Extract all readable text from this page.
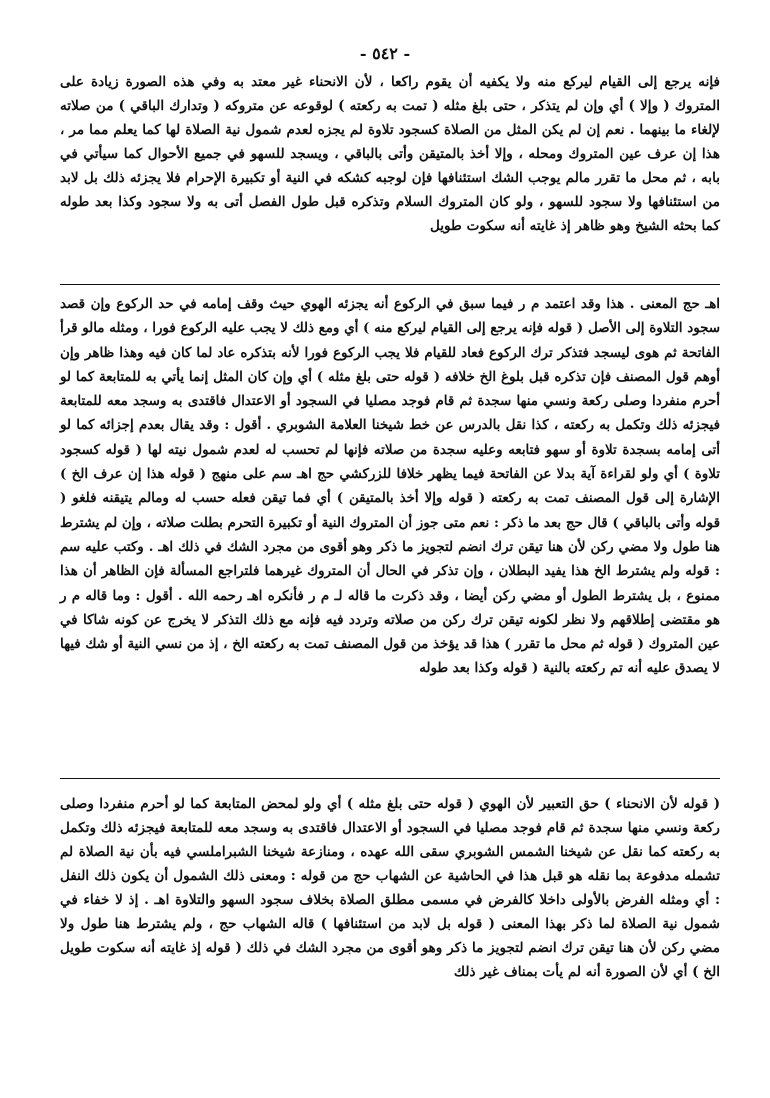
- ٥٤٢ -
فإنه يرجع إلى القيام ليركع منه ولا يكفيه أن يقوم راكعا ، لأن الانحناء غير معتد به وفي هذه الصورة زيادة على المتروك ( وإلا ) أي وإن لم يتذكر ، حتى بلغ مثله ( تمت به ركعته ) لوقوعه عن متروكه ( وتدارك الباقي ) من صلاته لإلغاء ما بينهما . نعم إن لم يكن المثل من الصلاة كسجود تلاوة لم يجزه لعدم شمول نية الصلاة لها كما يعلم مما مر ، هذا إن عرف عين المتروك ومحله ، وإلا أخذ بالمتيقن وأتى بالباقي ، ويسجد للسهو في جميع الأحوال كما سيأتي في بابه ، ثم محل ما تقرر مالم يوجب الشك استئنافها فإن لوجبه كشكه في النية أو تكبيرة الإحرام فلا يجزئه ذلك بل لابد من استئنافها ولا سجود للسهو ، ولو كان المتروك السلام وتذكره قبل طول الفصل أتى به ولا سجود وكذا بعد طوله كما بحثه الشيخ وهو ظاهر إذ غايته أنه سكوت طويل
اهـ حج المعنى . هذا وقد اعتمد م ر فيما سبق في الركوع أنه يجزئه الهوي حيث وقف إمامه في حد الركوع وإن قصد سجود التلاوة إلى الأصل ( قوله فإنه يرجع إلى القيام ليركع منه ) أي ومع ذلك لا يجب عليه الركوع فورا ، ومثله مالو قرأ الفاتحة ثم هوى ليسجد فتذكر ترك الركوع فعاد للقيام فلا يجب الركوع فورا لأنه بتذكره عاد لما كان فيه وهذا ظاهر وإن أوهم قول المصنف فإن تذكره قبل بلوغ الخ خلافه ( قوله حتى بلغ مثله ) أي وإن كان المثل إنما يأتي به للمتابعة كما لو أحرم منفردا وصلى ركعة ونسي منها سجدة ثم قام فوجد مصليا في السجود أو الاعتدال فاقتدى به وسجد معه للمتابعة فيجزئه ذلك وتكمل به ركعته ، كذا نقل بالدرس عن خط شيخنا العلامة الشوبري . أقول : وقد يقال بعدم إجزائه كما لو أتى إمامه بسجدة تلاوة أو سهو فتابعه وعليه سجدة من صلاته فإنها لم تحسب له لعدم شمول نيته لها ( قوله كسجود تلاوة ) أي ولو لقراءة آية بدلا عن الفاتحة فيما يظهر خلافا للزركشي حج اهـ سم على منهج ( قوله هذا إن عرف الخ ) الإشارة إلى قول المصنف تمت به ركعته ( قوله وإلا أخذ بالمتيقن ) أي فما تيقن فعله حسب له ومالم يتيقنه فلغو ( قوله وأتى بالباقي ) قال حج بعد ما ذكر : نعم متى جوز أن المتروك النية أو تكبيرة التحرم بطلت صلاته ، وإن لم يشترط هنا طول ولا مضي ركن لأن هنا تيقن ترك انضم لتجويز ما ذكر وهو أقوى من مجرد الشك في ذلك اهـ . وكتب عليه سم : قوله ولم يشترط الخ هذا يفيد البطلان ، وإن تذكر في الحال أن المتروك غيرهما فلتراجع المسألة فإن الظاهر أن هذا ممنوع ، بل يشترط الطول أو مضي ركن أيضا ، وقد ذكرت ما قاله لـ م ر فأنكره اهـ رحمه الله . أقول : وما قاله م ر هو مقتضى إطلاقهم ولا نظر لكونه تيقن ترك ركن من صلاته وتردد فيه فإنه مع ذلك التذكر لا يخرج عن كونه شاكا في عين المتروك ( قوله ثم محل ما تقرر ) هذا قد يؤخذ من قول المصنف تمت به ركعته الخ ، إذ من نسي النية أو شك فيها لا يصدق عليه أنه تم ركعته بالنية ( قوله وكذا بعد طوله
( قوله لأن الانحناء ) حق التعبير لأن الهوي ( قوله حتى بلغ مثله ) أي ولو لمحض المتابعة كما لو أحرم منفردا وصلى ركعة ونسي منها سجدة ثم قام فوجد مصليا في السجود أو الاعتدال فاقتدى به وسجد معه للمتابعة فيجزئه ذلك وتكمل به ركعته كما نقل عن شيخنا الشمس الشوبري سقى الله عهده ، ومنازعة شيخنا الشبراملسي فيه بأن نية الصلاة لم تشمله مدفوعة بما نقله هو قبل هذا في الحاشية عن الشهاب حج من قوله : ومعنى ذلك الشمول أن يكون ذلك النفل : أي ومثله الفرض بالأولى داخلا كالفرض في مسمى مطلق الصلاة بخلاف سجود السهو والتلاوة اهـ . إذ لا خفاء في شمول نية الصلاة لما ذكر بهذا المعنى ( قوله بل لابد من استئنافها ) قاله الشهاب حج ، ولم يشترط هنا طول ولا مضي ركن لأن هنا تيقن ترك انضم لتجويز ما ذكر وهو أقوى من مجرد الشك في ذلك ( قوله إذ غايته أنه سكوت طويل الخ ) أي لأن الصورة أنه لم يأت بمناف غير ذلك
